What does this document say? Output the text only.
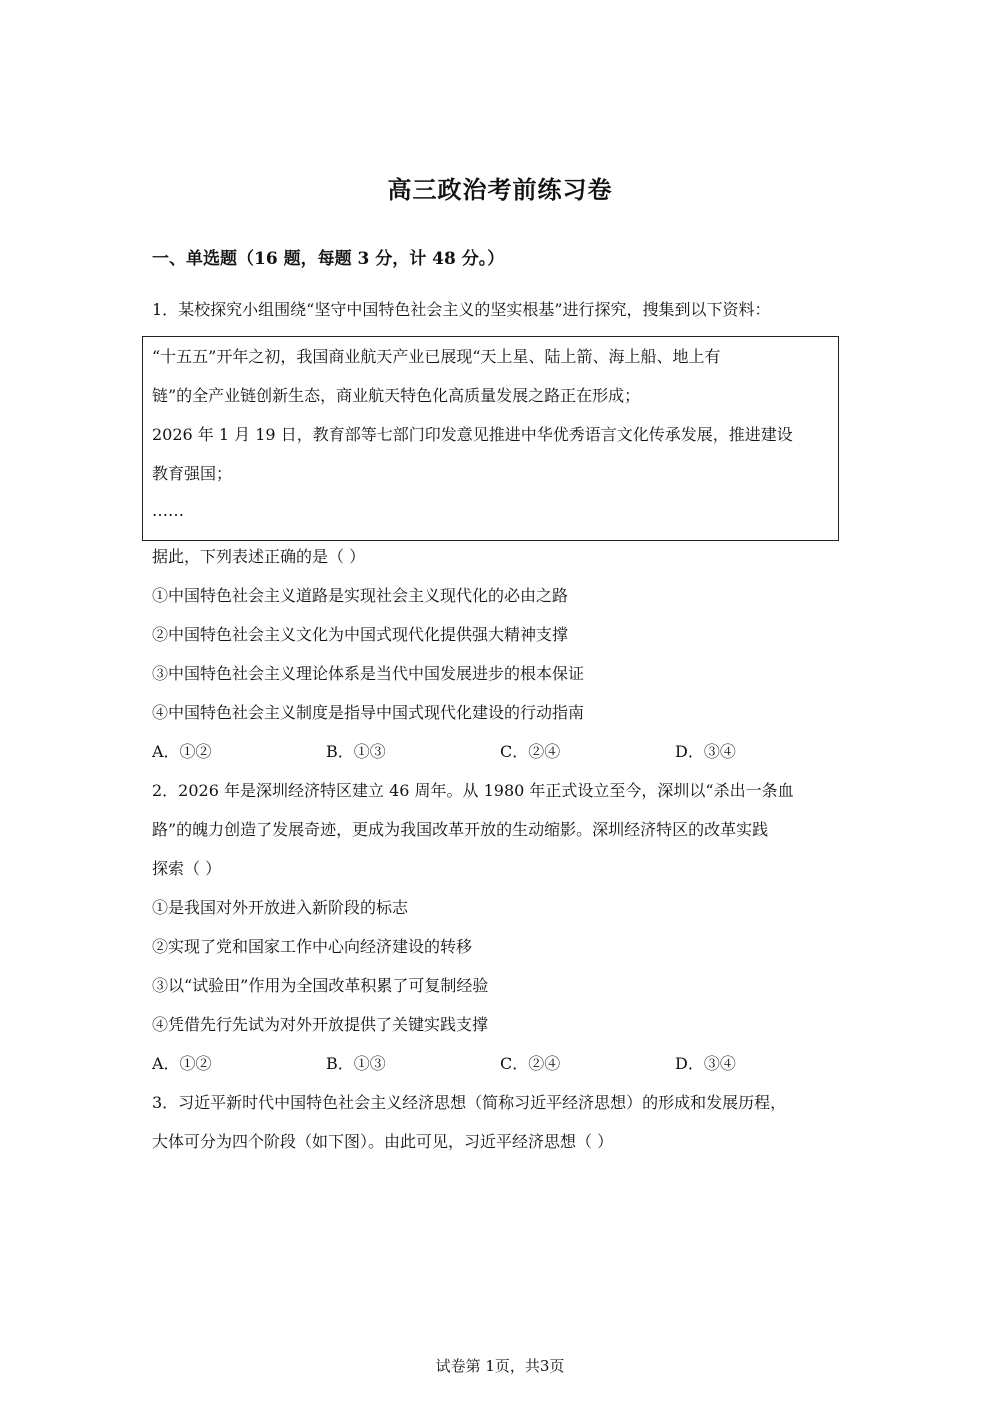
高三政治考前练习卷
一、单选题（16 题，每题 3 分，计 48 分。）
1．某校探究小组围绕“坚守中国特色社会主义的坚实根基”进行探究，搜集到以下资料：
“十五五”开年之初，我国商业航天产业已展现“天上星、陆上箭、海上船、地上有
链”的全产业链创新生态，商业航天特色化高质量发展之路正在形成；
2026 年 1 月 19 日，教育部等七部门印发意见推进中华优秀语言文化传承发展，推进建设
教育强国；
……
据此，下列表述正确的是（ ）
①中国特色社会主义道路是实现社会主义现代化的必由之路
②中国特色社会主义文化为中国式现代化提供强大精神支撑
③中国特色社会主义理论体系是当代中国发展进步的根本保证
④中国特色社会主义制度是指导中国式现代化建设的行动指南
A．①②	B．①③	C．②④	D．③④
2．2026 年是深圳经济特区建立 46 周年。从 1980 年正式设立至今，深圳以“杀出一条血
路”的魄力创造了发展奇迹，更成为我国改革开放的生动缩影。深圳经济特区的改革实践
探索（ ）
①是我国对外开放进入新阶段的标志
②实现了党和国家工作中心向经济建设的转移
③以“试验田”作用为全国改革积累了可复制经验
④凭借先行先试为对外开放提供了关键实践支撑
A．①②	B．①③	C．②④	D．③④
3．习近平新时代中国特色社会主义经济思想（简称习近平经济思想）的形成和发展历程，
大体可分为四个阶段（如下图）。由此可见，习近平经济思想（ ）
试卷第 1页，共3页
